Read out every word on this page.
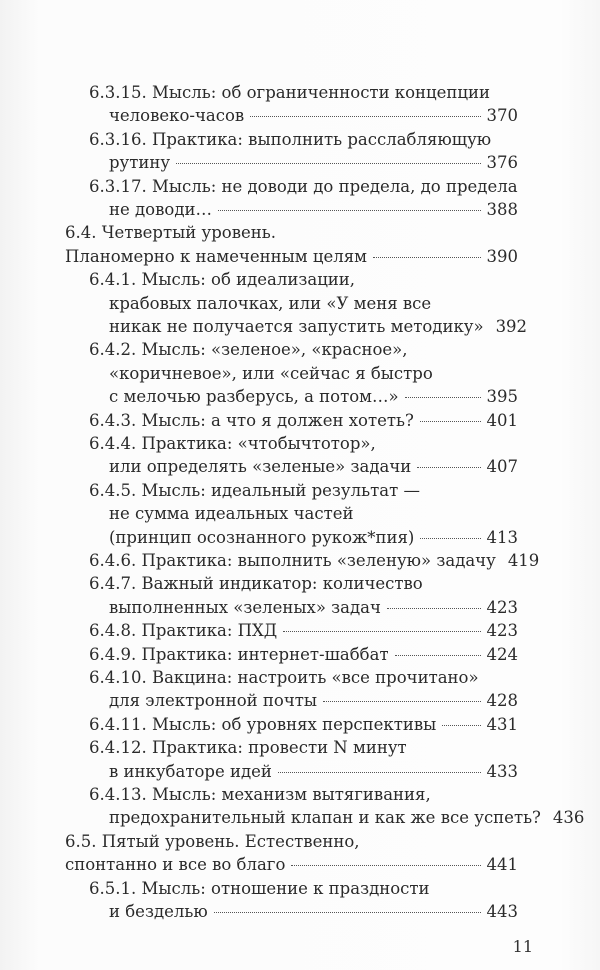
6.3.15. Мысль: об ограниченности концепции
человеко-часов	370
6.3.16. Практика: выполнить расслабляющую
рутину	376
6.3.17. Мысль: не доводи до предела, до предела
не доводи…	388
6.4. Четвертый уровень.
Планомерно к намеченным целям	390
6.4.1. Мысль: об идеализации,
крабовых палочках, или «У меня все
никак не получается запустить методику» 392
6.4.2. Мысль: «зеленое», «красное»,
«коричневое», или «сейчас я быстро
с мелочью разберусь, а потом…»	395
6.4.3. Мысль: а что я должен хотеть?	401
6.4.4. Практика: «чтобычтотор»,
или определять «зеленые» задачи	407
6.4.5. Мысль: идеальный результат —
не сумма идеальных частей
(принцип осознанного рукож*пия)	413
6.4.6. Практика: выполнить «зеленую» задачу 419
6.4.7. Важный индикатор: количество
выполненных «зеленых» задач	423
6.4.8. Практика: ПХД	423
6.4.9. Практика: интернет-шаббат	424
6.4.10. Вакцина: настроить «все прочитано»
для электронной почты	428
6.4.11. Мысль: об уровнях перспективы	431
6.4.12. Практика: провести N минут
в инкубаторе идей	433
6.4.13. Мысль: механизм вытягивания,
предохранительный клапан и как же все успеть? 436
6.5. Пятый уровень. Естественно,
спонтанно и все во благо	441
6.5.1. Мысль: отношение к праздности
и безделью	443
11
